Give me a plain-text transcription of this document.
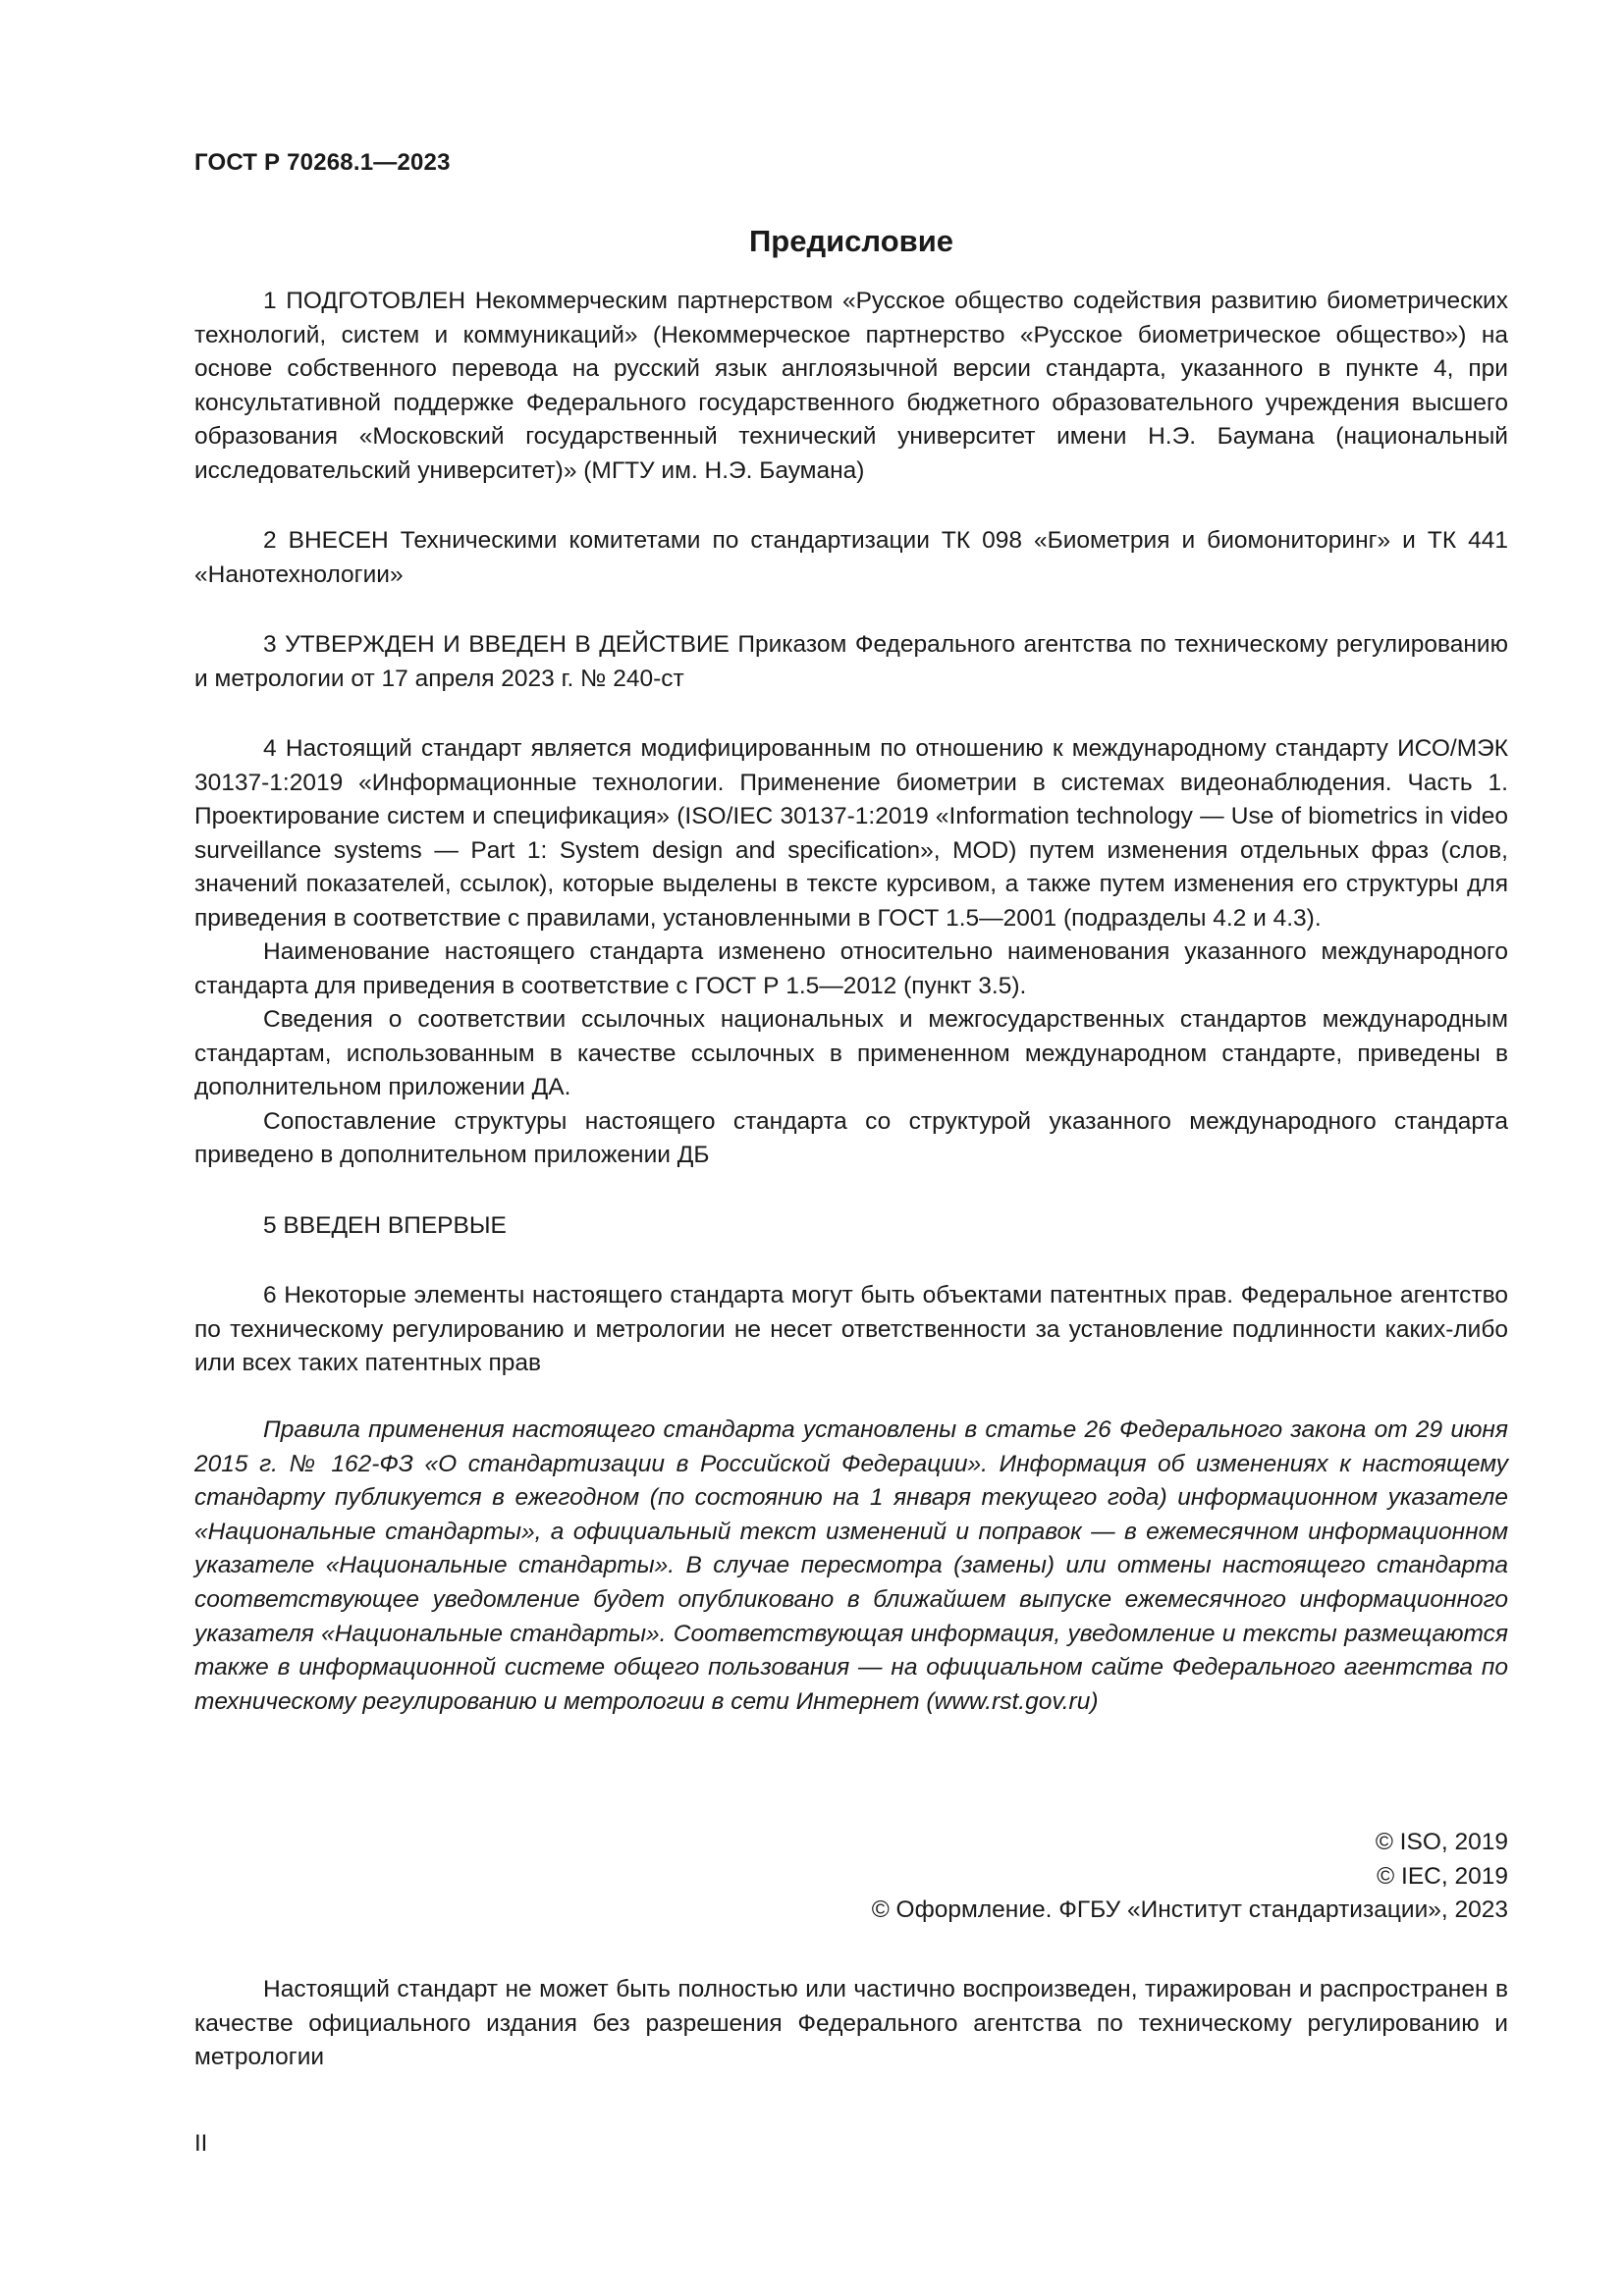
ГОСТ Р 70268.1—2023
Предисловие

1 ПОДГОТОВЛЕН Некоммерческим партнерством «Русское общество содействия развитию биометрических технологий, систем и коммуникаций» (Некоммерческое партнерство «Русское биометрическое общество») на основе собственного перевода на русский язык англоязычной версии стандарта, указанного в пункте 4, при консультативной поддержке Федерального государственного бюджетного образовательного учреждения высшего образования «Московский государственный технический университет имени Н.Э. Баумана (национальный исследовательский университет)» (МГТУ им. Н.Э. Баумана)

2 ВНЕСЕН Техническими комитетами по стандартизации ТК 098 «Биометрия и биомониторинг» и ТК 441 «Нанотехнологии»

3 УТВЕРЖДЕН И ВВЕДЕН В ДЕЙСТВИЕ Приказом Федерального агентства по техническому регулированию и метрологии от 17 апреля 2023 г. № 240-ст

4 Настоящий стандарт является модифицированным по отношению к международному стандарту ИСО/МЭК 30137-1:2019 «Информационные технологии. Применение биометрии в системах видеонаблюдения. Часть 1. Проектирование систем и спецификация» (ISO/IEC 30137-1:2019 «Information technology — Use of biometrics in video surveillance systems — Part 1: System design and specification», MOD) путем изменения отдельных фраз (слов, значений показателей, ссылок), которые выделены в тексте курсивом, а также путем изменения его структуры для приведения в соответствие с правилами, установленными в ГОСТ 1.5—2001 (подразделы 4.2 и 4.3).

Наименование настоящего стандарта изменено относительно наименования указанного международного стандарта для приведения в соответствие с ГОСТ Р 1.5—2012 (пункт 3.5).

Сведения о соответствии ссылочных национальных и межгосударственных стандартов международным стандартам, использованным в качестве ссылочных в примененном международном стандарте, приведены в дополнительном приложении ДА.

Сопоставление структуры настоящего стандарта со структурой указанного международного стандарта приведено в дополнительном приложении ДБ

5 ВВЕДЕН ВПЕРВЫЕ

6 Некоторые элементы настоящего стандарта могут быть объектами патентных прав. Федеральное агентство по техническому регулированию и метрологии не несет ответственности за установление подлинности каких-либо или всех таких патентных прав

Правила применения настоящего стандарта установлены в статье 26 Федерального закона от 29 июня 2015 г. № 162-ФЗ «О стандартизации в Российской Федерации». Информация об изменениях к настоящему стандарту публикуется в ежегодном (по состоянию на 1 января текущего года) информационном указателе «Национальные стандарты», а официальный текст изменений и поправок — в ежемесячном информационном указателе «Национальные стандарты». В случае пересмотра (замены) или отмены настоящего стандарта соответствующее уведомление будет опубликовано в ближайшем выпуске ежемесячного информационного указателя «Национальные стандарты». Соответствующая информация, уведомление и тексты размещаются также в информационной системе общего пользования — на официальном сайте Федерального агентства по техническому регулированию и метрологии в сети Интернет (www.rst.gov.ru)
© ISO, 2019
© IEC, 2019
© Оформление. ФГБУ «Институт стандартизации», 2023
Настоящий стандарт не может быть полностью или частично воспроизведен, тиражирован и распространен в качестве официального издания без разрешения Федерального агентства по техническому регулированию и метрологии
II
